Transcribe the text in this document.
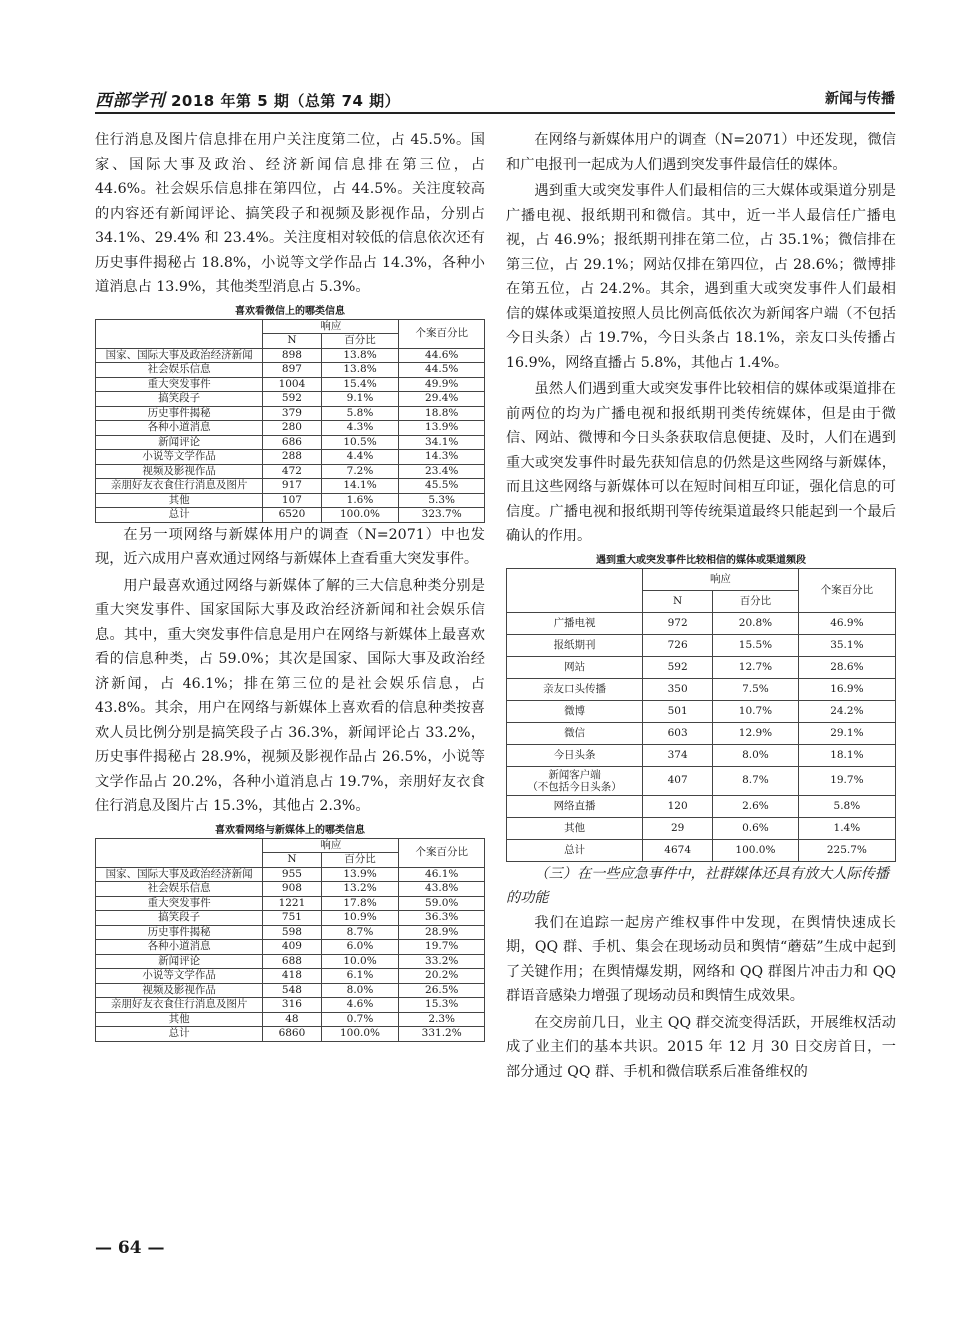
西部学刊 2018 年第 5 期（总第 74 期）	新闻与传播

住行消息及图片信息排在用户关注度第二位，占 45.5%。国家、国际大事及政治、经济新闻信息排在第三位，占 44.6%。社会娱乐信息排在第四位，占 44.5%。关注度较高的内容还有新闻评论、搞笑段子和视频及影视作品，分别占 34.1%、29.4% 和 23.4%。关注度相对较低的信息依次还有历史事件揭秘占 18.8%，小说等文学作品占 14.3%，各种小道消息占 13.9%，其他类型消息占 5.3%。

喜欢看微信上的哪类信息
	响应		个案百分比
	N	百分比	
国家、国际大事及政治经济新闻	898	13.8%	44.6%
社会娱乐信息	897	13.8%	44.5%
重大突发事件	1004	15.4%	49.9%
搞笑段子	592	9.1%	29.4%
历史事件揭秘	379	5.8%	18.8%
各种小道消息	280	4.3%	13.9%
新闻评论	686	10.5%	34.1%
小说等文学作品	288	4.4%	14.3%
视频及影视作品	472	7.2%	23.4%
亲朋好友衣食住行消息及图片	917	14.1%	45.5%
其他	107	1.6%	5.3%
总计	6520	100.0%	323.7%

在另一项网络与新媒体用户的调查（N=2071）中也发现，近六成用户喜欢通过网络与新媒体上查看重大突发事件。

用户最喜欢通过网络与新媒体了解的三大信息种类分别是重大突发事件、国家国际大事及政治经济新闻和社会娱乐信息。其中，重大突发事件信息是用户在网络与新媒体上最喜欢看的信息种类，占 59.0%；其次是国家、国际大事及政治经济新闻，占 46.1%；排在第三位的是社会娱乐信息，占 43.8%。其余，用户在网络与新媒体上喜欢看的信息种类按喜欢人员比例分别是搞笑段子占 36.3%，新闻评论占 33.2%，历史事件揭秘占 28.9%，视频及影视作品占 26.5%，小说等文学作品占 20.2%，各种小道消息占 19.7%，亲朋好友衣食住行消息及图片占 15.3%，其他占 2.3%。

喜欢看网络与新媒体上的哪类信息
	响应		个案百分比
	N	百分比	
国家、国际大事及政治经济新闻	955	13.9%	46.1%
社会娱乐信息	908	13.2%	43.8%
重大突发事件	1221	17.8%	59.0%
搞笑段子	751	10.9%	36.3%
历史事件揭秘	598	8.7%	28.9%
各种小道消息	409	6.0%	19.7%
新闻评论	688	10.0%	33.2%
小说等文学作品	418	6.1%	20.2%
视频及影视作品	548	8.0%	26.5%
亲朋好友衣食住行消息及图片	316	4.6%	15.3%
其他	48	0.7%	2.3%
总计	6860	100.0%	331.2%

在网络与新媒体用户的调查（N=2071）中还发现，微信和广电报刊一起成为人们遇到突发事件最信任的媒体。

遇到重大或突发事件人们最相信的三大媒体或渠道分别是广播电视、报纸期刊和微信。其中，近一半人最信任广播电视，占 46.9%；报纸期刊排在第二位，占 35.1%；微信排在第三位，占 29.1%；网站仅排在第四位，占 28.6%；微博排在第五位，占 24.2%。其余，遇到重大或突发事件人们最相信的媒体或渠道按照人员比例高低依次为新闻客户端（不包括今日头条）占 19.7%，今日头条占 18.1%，亲友口头传播占 16.9%，网络直播占 5.8%，其他占 1.4%。

虽然人们遇到重大或突发事件比较相信的媒体或渠道排在前两位的均为广播电视和报纸期刊类传统媒体，但是由于微信、网站、微博和今日头条获取信息便捷、及时，人们在遇到重大或突发事件时最先获知信息的仍然是这些网络与新媒体，而且这些网络与新媒体可以在短时间相互印证，强化信息的可信度。广播电视和报纸期刊等传统渠道最终只能起到一个最后确认的作用。

遇到重大或突发事件比较相信的媒体或渠道频段
	响应		个案百分比
	N	百分比	
广播电视	972	20.8%	46.9%
报纸期刊	726	15.5%	35.1%
网站	592	12.7%	28.6%
亲友口头传播	350	7.5%	16.9%
微博	501	10.7%	24.2%
微信	603	12.9%	29.1%
今日头条	374	8.0%	18.1%
新闻客户端
（不包括今日头条）	407	8.7%	19.7%
网络直播	120	2.6%	5.8%
其他	29	0.6%	1.4%
总计	4674	100.0%	225.7%

（三）在一些应急事件中，社群媒体还具有放大人际传播的功能

我们在追踪一起房产维权事件中发现，在舆情快速成长期，QQ 群、手机、集会在现场动员和舆情“蘑菇”生成中起到了关键作用；在舆情爆发期，网络和 QQ 群图片冲击力和 QQ 群语音感染力增强了现场动员和舆情生成效果。

在交房前几日，业主 QQ 群交流变得活跃，开展维权活动成了业主们的基本共识。2015 年 12 月 30 日交房首日，一部分通过 QQ 群、手机和微信联系后准备维权的

— 64 —
